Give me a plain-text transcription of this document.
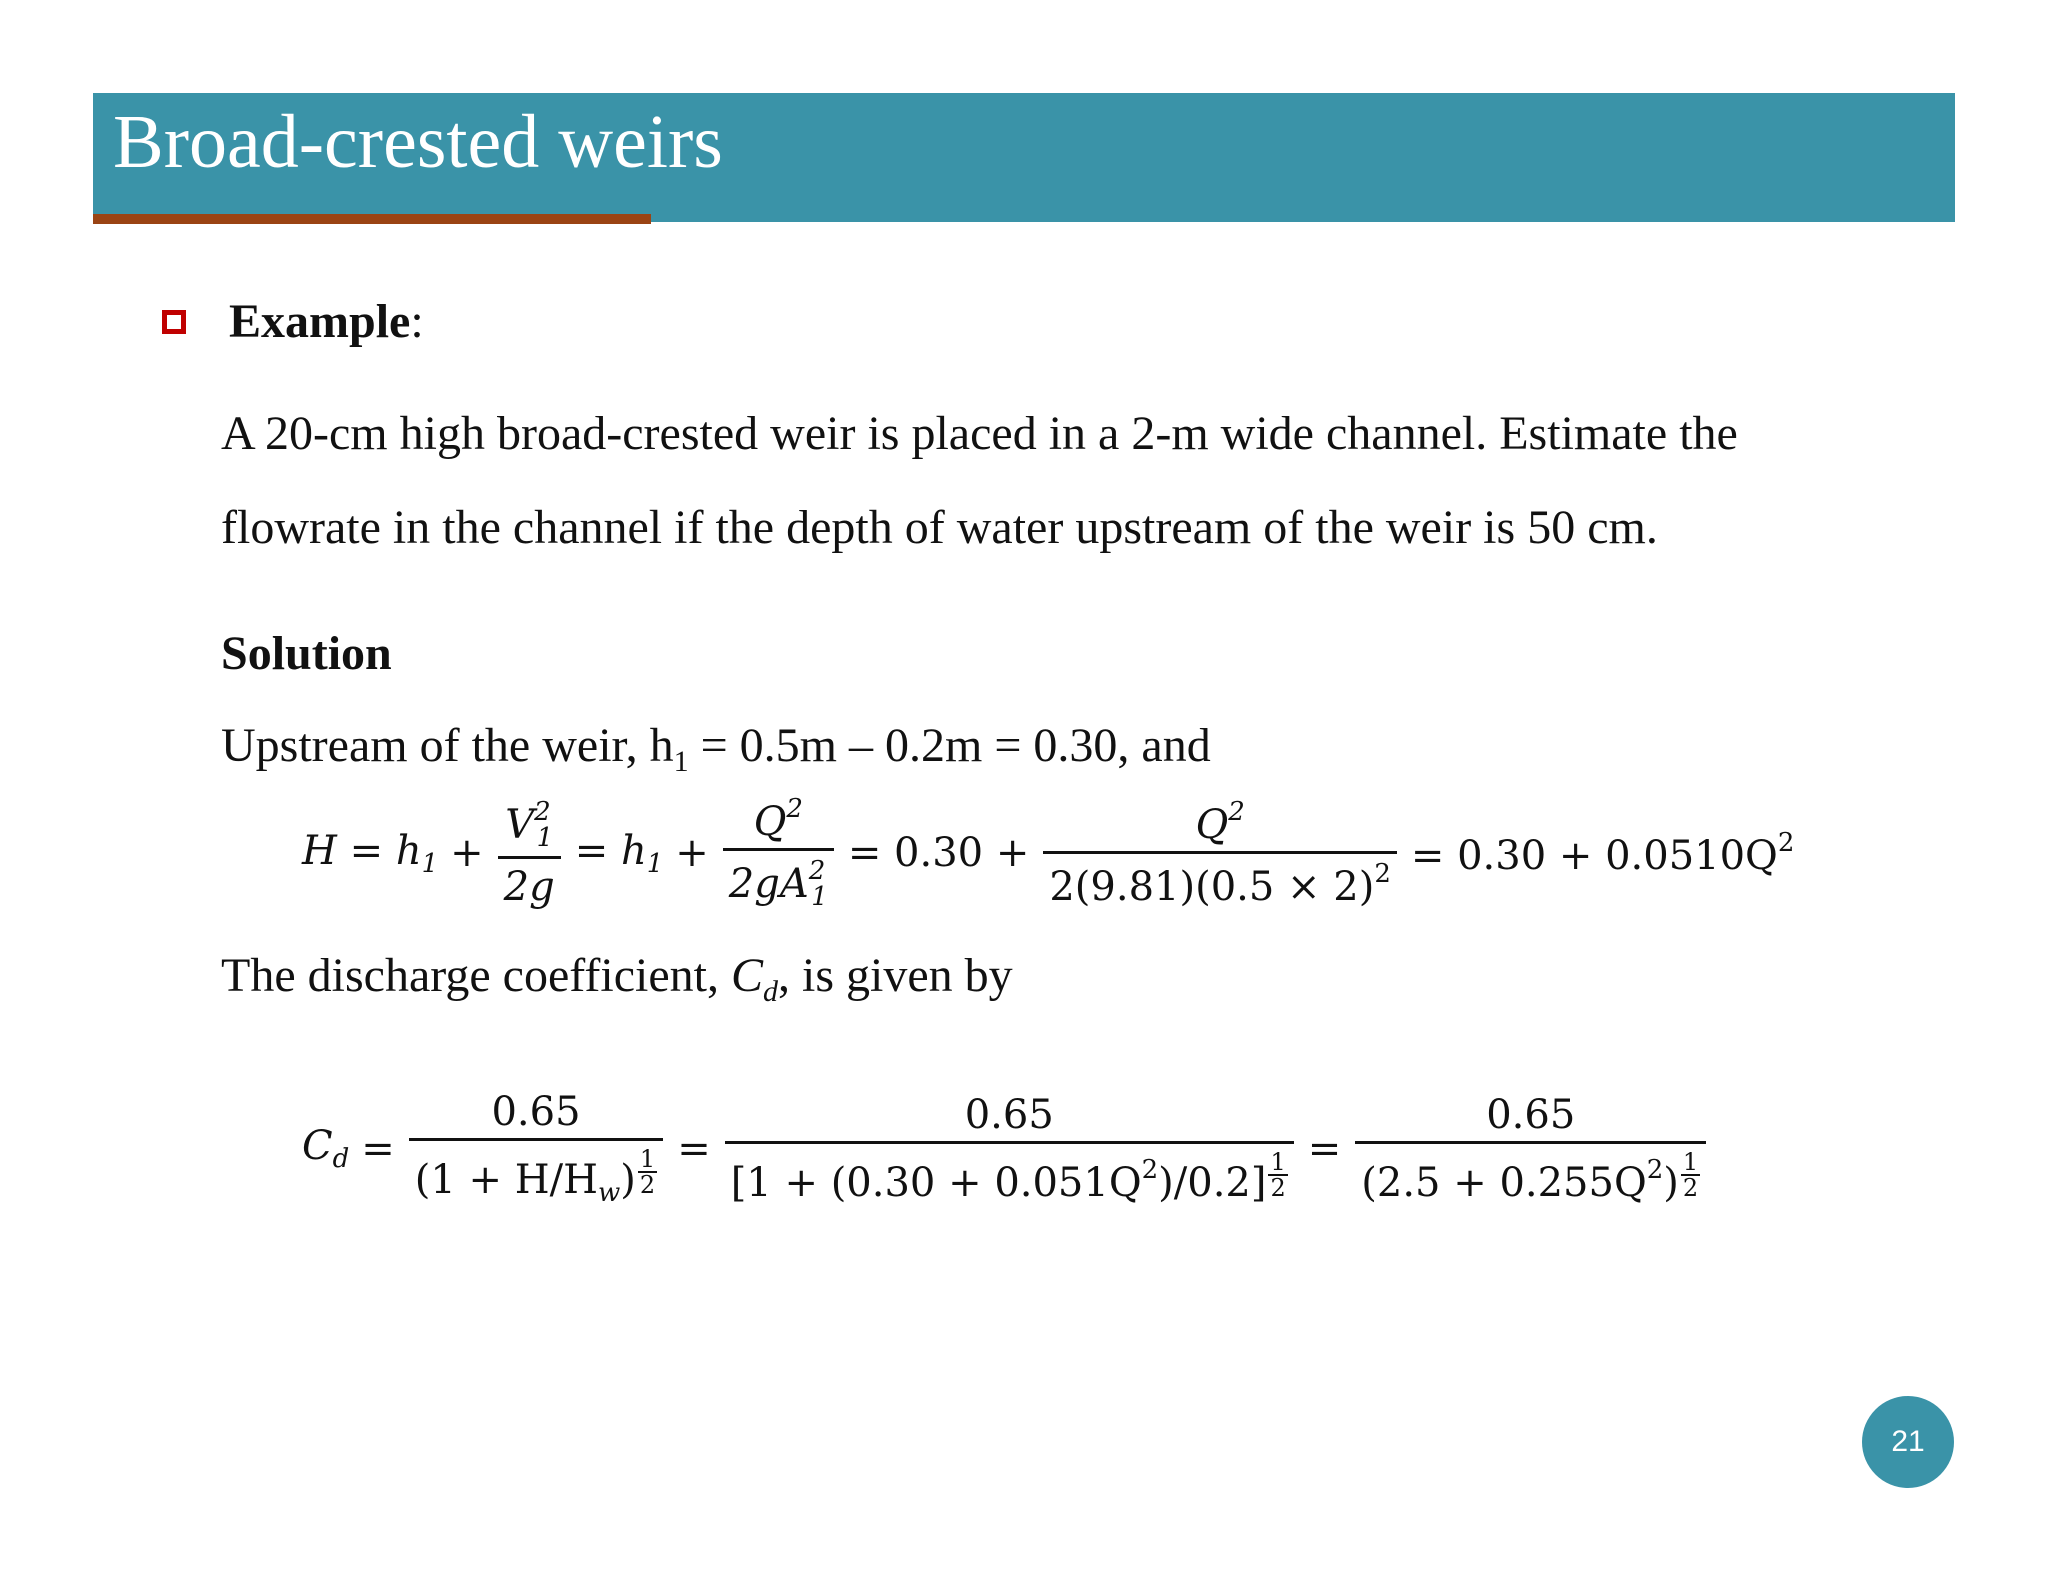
Broad-crested weirs
Example:
A 20-cm high broad-crested weir is placed in a 2-m wide channel. Estimate the
flowrate in the channel if the depth of water upstream of the weir is 50 cm.
Solution
Upstream of the weir, $h_1 = 0.5m - 0.2m = 0.30$, and
$H = h_1 + \frac{V^2_1}{2g} = h_1 + \frac{Q^2}{2gA^2_1} = 0.30 + \frac{Q^2}{2(9.81)(0.5 \times 2)^2} = 0.30 + 0.0510Q^2$
The discharge coefficient, $C_d$, is given by
$C_d = \frac{0.65}{(1 + H/H_w) \frac{1}{2}} = \frac{0.65}{[1 + (0.30 + 0.051Q^2)/0.2] \frac{1}{2}} = \frac{0.65}{(2.5 + 0.255Q^2) \frac{1}{2}}$
21
